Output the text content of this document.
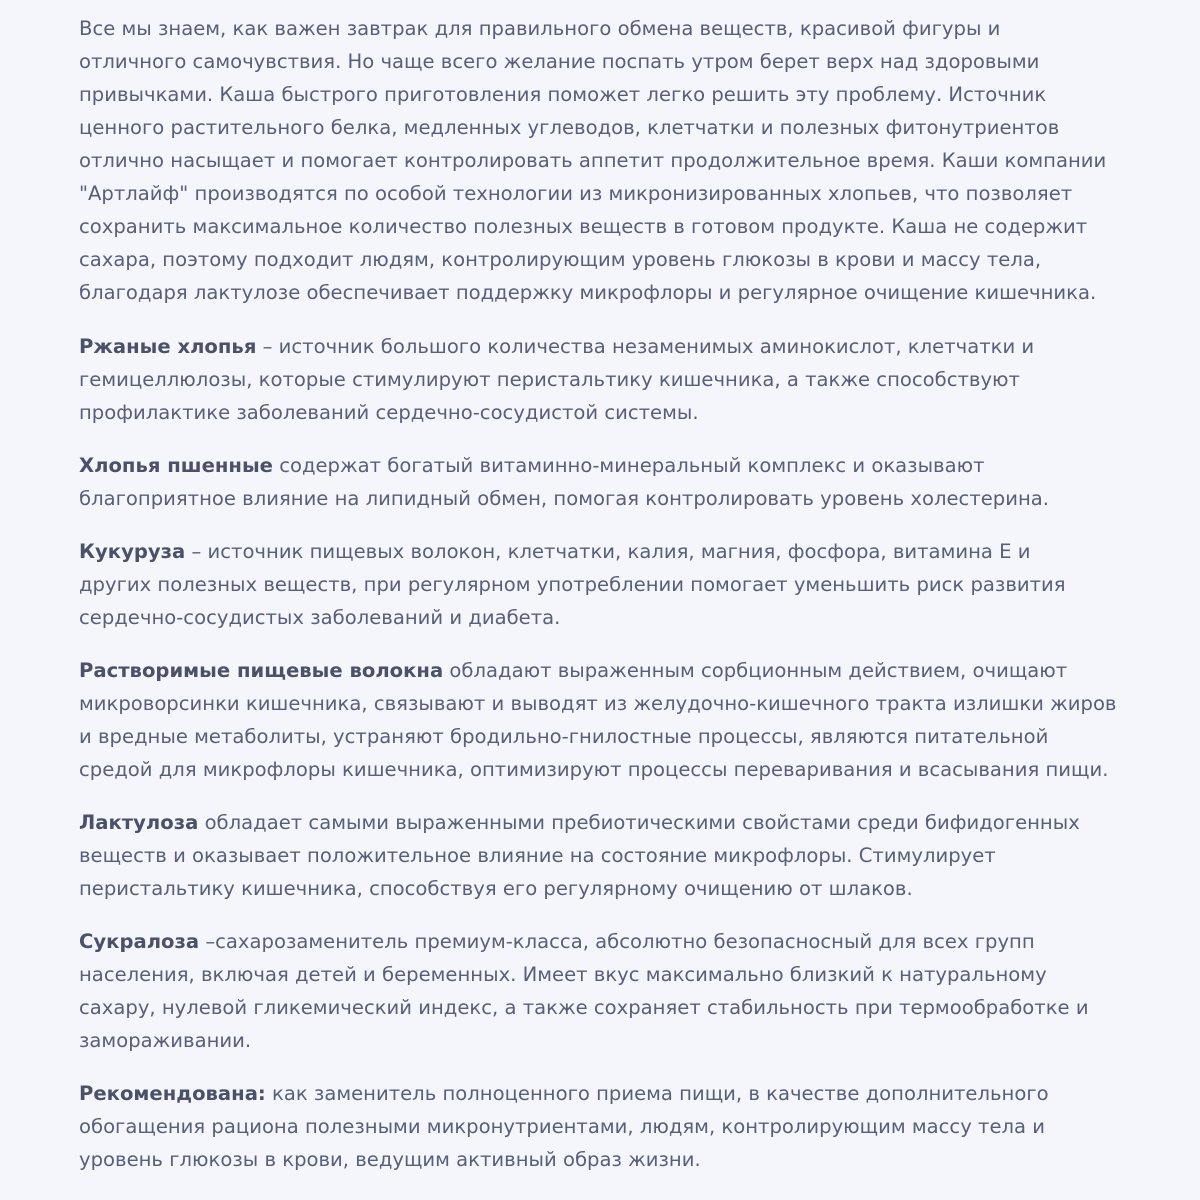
Все мы знаем, как важен завтрак для правильного обмена веществ, красивой фигуры и
отличного самочувствия. Но чаще всего желание поспать утром берет верх над здоровыми
привычками. Каша быстрого приготовления поможет легко решить эту проблему. Источник
ценного растительного белка, медленных углеводов, клетчатки и полезных фитонутриентов
отлично насыщает и помогает контролировать аппетит продолжительное время. Каши компании
"Артлайф" производятся по особой технологии из микронизированных хлопьев, что позволяет
сохранить максимальное количество полезных веществ в готовом продукте. Каша не содержит
сахара, поэтому подходит людям, контролирующим уровень глюкозы в крови и массу тела,
благодаря лактулозе обеспечивает поддержку микрофлоры и регулярное очищение кишечника.

Ржаные хлопья – источник большого количества незаменимых аминокислот, клетчатки и
гемицеллюлозы, которые стимулируют перистальтику кишечника, а также способствуют
профилактике заболеваний сердечно-сосудистой системы.

Хлопья пшенные содержат богатый витаминно-минеральный комплекс и оказывают
благоприятное влияние на липидный обмен, помогая контролировать уровень холестерина.

Кукуруза – источник пищевых волокон, клетчатки, калия, магния, фосфора, витамина Е и
других полезных веществ, при регулярном употреблении помогает уменьшить риск развития
сердечно-сосудистых заболеваний и диабета.

Растворимые пищевые волокна обладают выраженным сорбционным действием, очищают
микроворсинки кишечника, связывают и выводят из желудочно-кишечного тракта излишки жиров
и вредные метаболиты, устраняют бродильно-гнилостные процессы, являются питательной
средой для микрофлоры кишечника, оптимизируют процессы переваривания и всасывания пищи.

Лактулоза обладает самыми выраженными пребиотическими свойстами среди бифидогенных
веществ и оказывает положительное влияние на состояние микрофлоры. Стимулирует
перистальтику кишечника, способствуя его регулярному очищению от шлаков.

Сукралоза –сахарозаменитель премиум-класса, абсолютно безопасносный для всех групп
населения, включая детей и беременных. Имеет вкус максимально близкий к натуральному
сахару, нулевой гликемический индекс, а также сохраняет стабильность при термообработке и
замораживании.

Рекомендована: как заменитель полноценного приема пищи, в качестве дополнительного
обогащения рациона полезными микронутриентами, людям, контролирующим массу тела и
уровень глюкозы в крови, ведущим активный образ жизни.
